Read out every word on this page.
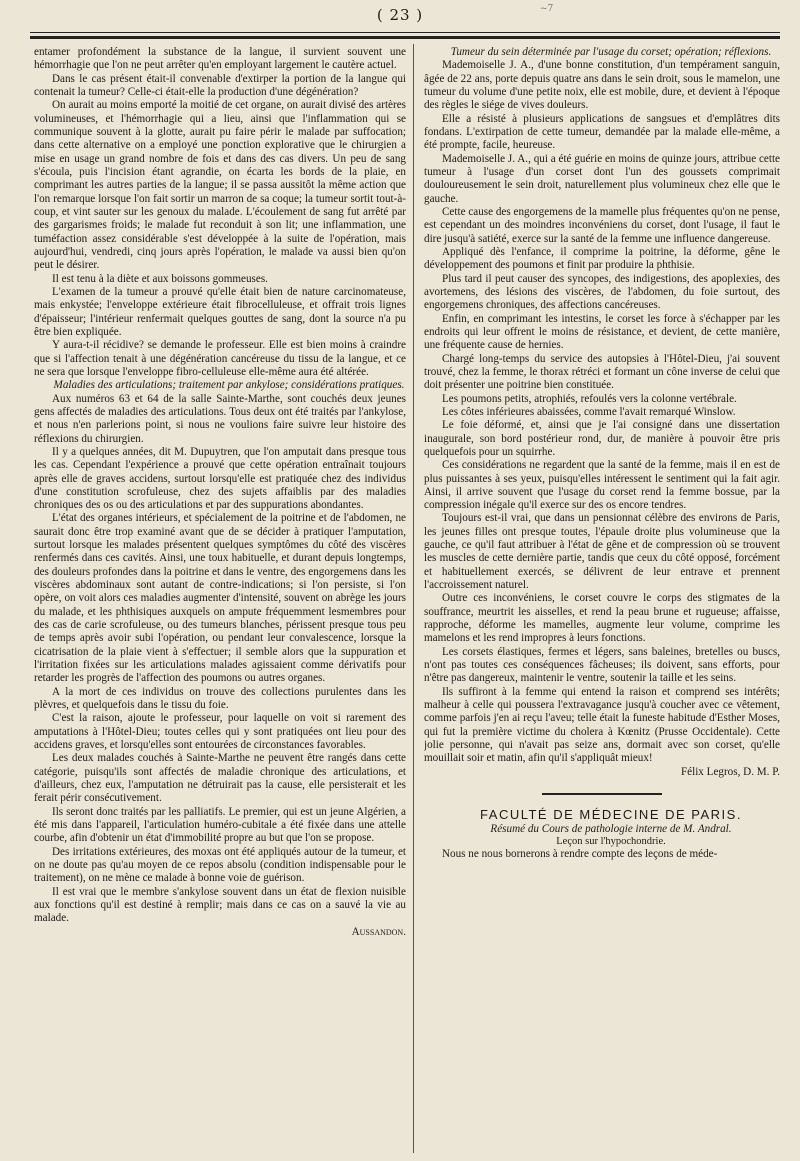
( 23 )	~7

entamer profondément la substance de la langue, il survient souvent une hémorrhagie que l'on ne peut arrêter qu'en employant largement le cautère actuel.

Dans le cas présent était-il convenable d'extirper la portion de la langue qui contenait la tumeur? Celle-ci était-elle la production d'une dégénération?

On aurait au moins emporté la moitié de cet organe, on aurait divisé des artères volumineuses, et l'hémorrhagie qui a lieu, ainsi que l'inflammation qui se communique souvent à la glotte, aurait pu faire périr le malade par suffocation; dans cette alternative on a employé une ponction explorative que le chirurgien a mise en usage un grand nombre de fois et dans des cas divers. Un peu de sang s'écoula, puis l'incision étant agrandie, on écarta les bords de la plaie, en comprimant les autres parties de la langue; il se passa aussitôt la même action que l'on remarque lorsque l'on fait sortir un marron de sa coque; la tumeur sortit tout-à-coup, et vint sauter sur les genoux du malade. L'écoulement de sang fut arrêté par des gargarismes froids; le malade fut reconduit à son lit; une inflammation, une tuméfaction assez considérable s'est développée à la suite de l'opération, mais aujourd'hui, vendredi, cinq jours après l'opération, le malade va aussi bien qu'on peut le désirer.

Il est tenu à la diète et aux boissons gommeuses.

L'examen de la tumeur a prouvé qu'elle était bien de nature carcinomateuse, mais enkystée; l'enveloppe extérieure était fibrocelluleuse, et offrait trois lignes d'épaisseur; l'intérieur renfermait quelques gouttes de sang, dont la source n'a pu être bien expliquée.

Y aura-t-il récidive? se demande le professeur. Elle est bien moins à craindre que si l'affection tenait à une dégénération cancéreuse du tissu de la langue, et ce ne sera que lorsque l'enveloppe fibro-celluleuse elle-même aura été altérée.

Maladies des articulations; traitement par ankylose; considérations pratiques.

Aux numéros 63 et 64 de la salle Sainte-Marthe, sont couchés deux jeunes gens affectés de maladies des articulations. Tous deux ont été traités par l'ankylose, et nous n'en parlerions point, si nous ne voulions faire suivre leur histoire des réflexions du chirurgien.

Il y a quelques années, dit M. Dupuytren, que l'on amputait dans presque tous les cas. Cependant l'expérience a prouvé que cette opération entraînait toujours après elle de graves accidens, surtout lorsqu'elle est pratiquée chez des individus d'une constitution scrofuleuse, chez des sujets affaiblis par des maladies chroniques des os ou des articulations et par des suppurations abondantes.

L'état des organes intérieurs, et spécialement de la poitrine et de l'abdomen, ne saurait donc être trop examiné avant que de se décider à pratiquer l'amputation, surtout lorsque les malades présentent quelques symptômes du côté des viscères renfermés dans ces cavités. Ainsi, une toux habituelle, et durant depuis longtemps, des douleurs profondes dans la poitrine et dans le ventre, des engorgemens dans les viscères abdominaux sont autant de contre-indications; si l'on persiste, si l'on opère, on voit alors ces maladies augmenter d'intensité, souvent on abrège les jours du malade, et les phthisiques auxquels on ampute fréquemment lesmembres pour des cas de carie scrofuleuse, ou des tumeurs blanches, périssent presque tous peu de temps après avoir subi l'opération, ou pendant leur convalescence, lorsque la cicatrisation de la plaie vient à s'effectuer; il semble alors que la suppuration et l'irritation fixées sur les articulations malades agissaient comme dérivatifs pour retarder les progrès de l'affection des poumons ou autres organes.

A la mort de ces individus on trouve des collections purulentes dans les plèvres, et quelquefois dans le tissu du foie.

C'est la raison, ajoute le professeur, pour laquelle on voit si rarement des amputations à l'Hôtel-Dieu; toutes celles qui y sont pratiquées ont lieu pour des accidens graves, et lorsqu'elles sont entourées de circonstances favorables.

Les deux malades couchés à Sainte-Marthe ne peuvent être rangés dans cette catégorie, puisqu'ils sont affectés de maladie chronique des articulations, et d'ailleurs, chez eux, l'amputation ne détruirait pas la cause, elle persisterait et les ferait périr consécutivement.

Ils seront donc traités par les palliatifs. Le premier, qui est un jeune Algérien, a été mis dans l'appareil, l'articulation huméro-cubitale a été fixée dans une attelle courbe, afin d'obtenir un état d'immobilité propre au but que l'on se propose.

Des irritations extérieures, des moxas ont été appliqués autour de la tumeur, et on ne doute pas qu'au moyen de ce repos absolu (condition indispensable pour le traitement), on ne mène ce malade à bonne voie de guérison.

Il est vrai que le membre s'ankylose souvent dans un état de flexion nuisible aux fonctions qu'il est destiné à remplir; mais dans ce cas on a sauvé la vie au malade.

Aussandon.

Tumeur du sein déterminée par l'usage du corset; opération; réflexions.

Mademoiselle J. A., d'une bonne constitution, d'un tempérament sanguin, âgée de 22 ans, porte depuis quatre ans dans le sein droit, sous le mamelon, une tumeur du volume d'une petite noix, elle est mobile, dure, et devient à l'époque des règles le siége de vives douleurs.

Elle a résisté à plusieurs applications de sangsues et d'emplâtres dits fondans. L'extirpation de cette tumeur, demandée par la malade elle-même, a été prompte, facile, heureuse.

Mademoiselle J. A., qui a été guérie en moins de quinze jours, attribue cette tumeur à l'usage d'un corset dont l'un des goussets comprimait douloureusement le sein droit, naturellement plus volumineux chez elle que le gauche.

Cette cause des engorgemens de la mamelle plus fréquentes qu'on ne pense, est cependant un des moindres inconvéniens du corset, dont l'usage, il faut le dire jusqu'à satiété, exerce sur la santé de la femme une influence dangereuse.

Appliqué dès l'enfance, il comprime la poitrine, la déforme, gêne le développement des poumons et finit par produire la phthisie.

Plus tard il peut causer des syncopes, des indigestions, des apoplexies, des avortemens, des lésions des viscères, de l'abdomen, du foie surtout, des engorgemens chroniques, des affections cancéreuses.

Enfin, en comprimant les intestins, le corset les force à s'échapper par les endroits qui leur offrent le moins de résistance, et devient, de cette manière, une fréquente cause de hernies.

Chargé long-temps du service des autopsies à l'Hôtel-Dieu, j'ai souvent trouvé, chez la femme, le thorax rétréci et formant un cône inverse de celui que doit présenter une poitrine bien constituée.

Les poumons petits, atrophiés, refoulés vers la colonne vertébrale.

Les côtes inférieures abaissées, comme l'avait remarqué Winslow.

Le foie déformé, et, ainsi que je l'ai consigné dans une dissertation inaugurale, son bord postérieur rond, dur, de manière à pouvoir être pris quelquefois pour un squirrhe.

Ces considérations ne regardent que la santé de la femme, mais il en est de plus puissantes à ses yeux, puisqu'elles intéressent le sentiment qui la fait agir. Ainsi, il arrive souvent que l'usage du corset rend la femme bossue, par la compression inégale qu'il exerce sur des os encore tendres.

Toujours est-il vrai, que dans un pensionnat célèbre des environs de Paris, les jeunes filles ont presque toutes, l'épaule droite plus volumineuse que la gauche, ce qu'il faut attribuer à l'état de gêne et de compression où se trouvent les muscles de cette dernière partie, tandis que ceux du côté opposé, forcément et habituellement exercés, se délivrent de leur entrave et prennent l'accroissement naturel.

Outre ces inconvéniens, le corset couvre le corps des stigmates de la souffrance, meurtrit les aisselles, et rend la peau brune et rugueuse; affaisse, rapproche, déforme les mamelles, augmente leur volume, comprime les mamelons et les rend impropres à leurs fonctions.

Les corsets élastiques, fermes et légers, sans baleines, bretelles ou buscs, n'ont pas toutes ces conséquences fâcheuses; ils doivent, sans efforts, pour n'être pas dangereux, maintenir le ventre, soutenir la taille et les seins.

Ils suffiront à la femme qui entend la raison et comprend ses intérêts; malheur à celle qui poussera l'extravagance jusqu'à coucher avec ce vêtement, comme parfois j'en ai reçu l'aveu; telle était la funeste habitude d'Esther Moses, qui fut la première victime du cholera à Kœnitz (Prusse Occidentale). Cette jolie personne, qui n'avait pas seize ans, dormait avec son corset, qu'elle mouillait soir et matin, afin qu'il s'appliquât mieux!

Félix Legros, D. M. P.

FACULTÉ DE MÉDECINE DE PARIS.

Résumé du Cours de pathologie interne de M. Andral.

Leçon sur l'hypochondrie.

Nous ne nous bornerons à rendre compte des leçons de méde-
